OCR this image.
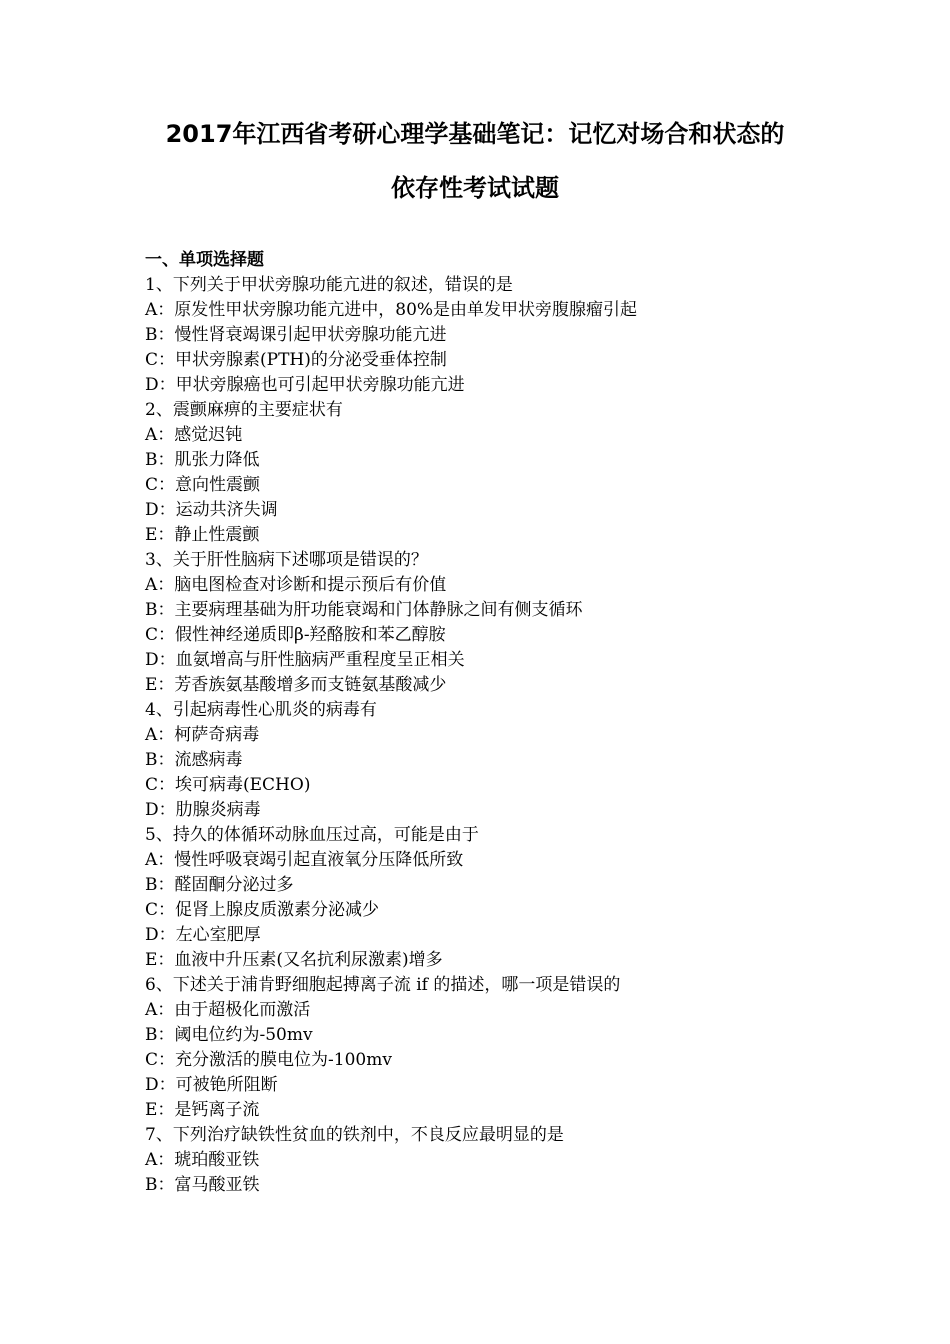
2017年江西省考研心理学基础笔记：记忆对场合和状态的
依存性考试试题
一、单项选择题
1、下列关于甲状旁腺功能亢进的叙述，错误的是
A：原发性甲状旁腺功能亢进中，80%是由单发甲状旁腹腺瘤引起
B：慢性肾衰竭课引起甲状旁腺功能亢进
C：甲状旁腺素(PTH)的分泌受垂体控制
D：甲状旁腺癌也可引起甲状旁腺功能亢进
2、震颤麻痹的主要症状有
A：感觉迟钝
B：肌张力降低
C：意向性震颤
D：运动共济失调
E：静止性震颤
3、关于肝性脑病下述哪项是错误的？
A：脑电图检查对诊断和提示预后有价值
B：主要病理基础为肝功能衰竭和门体静脉之间有侧支循环
C：假性神经递质即β-羟酪胺和苯乙醇胺
D：血氨增高与肝性脑病严重程度呈正相关
E：芳香族氨基酸增多而支链氨基酸减少
4、引起病毒性心肌炎的病毒有
A：柯萨奇病毒
B：流感病毒
C：埃可病毒(ECHO)
D：肋腺炎病毒
5、持久的体循环动脉血压过高，可能是由于
A：慢性呼吸衰竭引起直液氧分压降低所致
B：醛固酮分泌过多
C：促肾上腺皮质激素分泌减少
D：左心室肥厚
E：血液中升压素(又名抗利尿激素)增多
6、下述关于浦肯野细胞起搏离子流 if 的描述，哪一项是错误的
A：由于超极化而激活
B：阈电位约为-50mv
C：充分激活的膜电位为-100mv
D：可被铯所阻断
E：是钙离子流
7、下列治疗缺铁性贫血的铁剂中，不良反应最明显的是
A：琥珀酸亚铁
B：富马酸亚铁
